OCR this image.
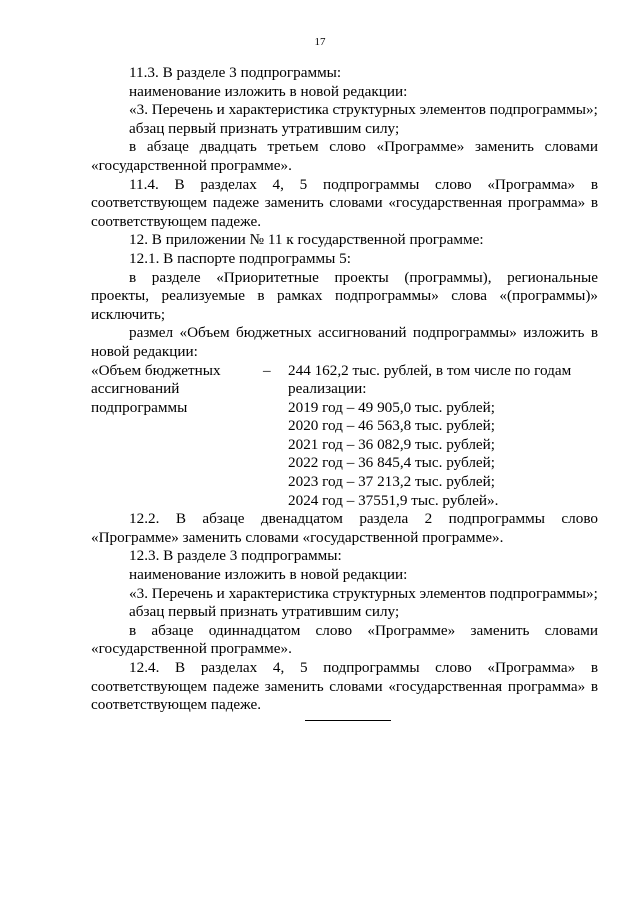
17

11.3. В разделе 3 подпрограммы:

наименование изложить в новой редакции:

«3. Перечень и характеристика структурных элементов подпрограммы»;

абзац первый признать утратившим силу;

в абзаце двадцать третьем слово «Программе» заменить словами «государственной программе».

11.4. В разделах 4, 5 подпрограммы слово «Программа» в соответствующем падеже заменить словами «государственная программа» в соответствующем падеже.

12. В приложении № 11 к государственной программе:

12.1. В паспорте подпрограммы 5:

в разделе «Приоритетные проекты (программы), региональные проекты, реализуемые в рамках подпрограммы» слова «(программы)» исключить;

размел «Объем бюджетных ассигнований подпрограммы» изложить в новой редакции:

«Объем бюджетных
ассигнований
подпрограммы
–	244 162,2 тыс. рублей, в том числе по годам
реализации:
2019 год – 49 905,0 тыс. рублей;
2020 год – 46 563,8 тыс. рублей;
2021 год – 36 082,9 тыс. рублей;
2022 год – 36 845,4 тыс. рублей;
2023 год – 37 213,2 тыс. рублей;
2024 год – 37551,9 тыс. рублей».

12.2. В абзаце двенадцатом раздела 2 подпрограммы слово «Программе» заменить словами «государственной программе».

12.3. В разделе 3 подпрограммы:

наименование изложить в новой редакции:

«3. Перечень и характеристика структурных элементов подпрограммы»;

абзац первый признать утратившим силу;

в абзаце одиннадцатом слово «Программе» заменить словами «государственной программе».

12.4. В разделах 4, 5 подпрограммы слово «Программа» в соответствующем падеже заменить словами «государственная программа» в соответствующем падеже.
